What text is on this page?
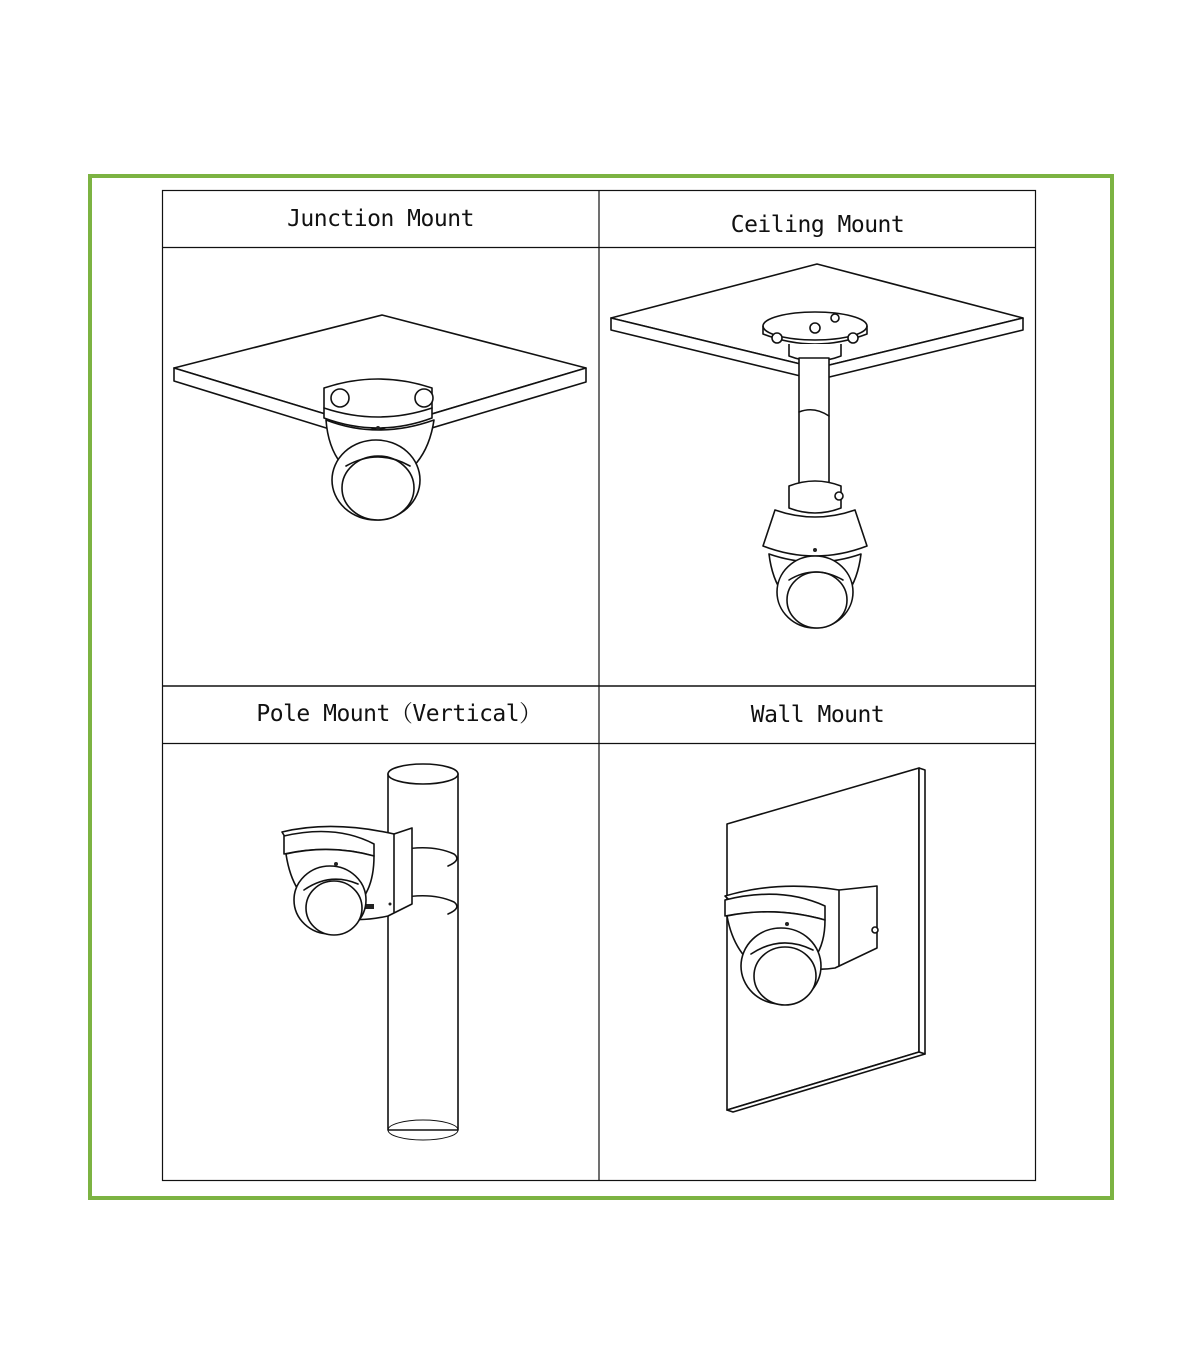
Junction Mount	Ceiling Mount
Pole Mount（Vertical）	Wall Mount
